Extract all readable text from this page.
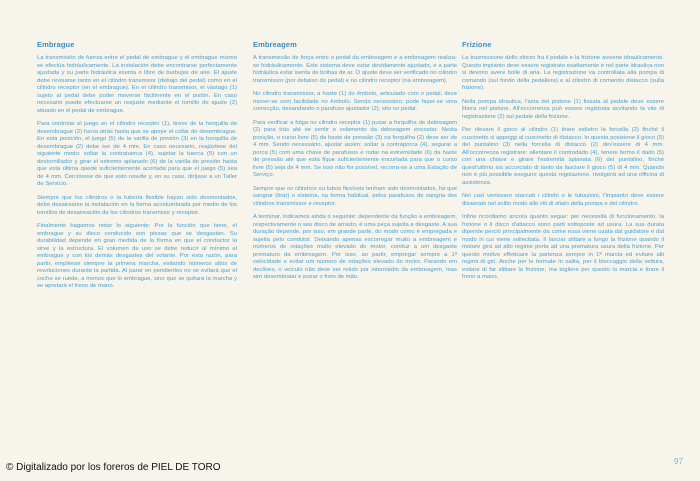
Embrague

La transmisión de fuerza entre el pedal de embrague y el embrague mismo se efectúa hidráulicamente. La instalación debe encontrarse perfectamente ajustada y su parte hidráulica exenta o libre de burbujas de aire. El ajuste debe revisarse tanto en el cilindro transmisor (debajo del pedal) como en el cilindro receptor (en el embrague). En el cilindro transmisor, el vástago (1) sujeto al pedal debe poder moverse fácilmente en el pistón. En caso necesario puede efectuarse un reajuste mediante el tornillo de ajuste (2) situado en el pedal de embrague.

Para controlar el juego en el cilindro receptor (1), tirese de la horquilla de desembrague (2) hacia atrás hasta que se apoye el collar de desembrague. En esta posición, el juego (5) de la varilla de presión (3) en la horquilla de desembrague (2) debe ser de 4 mm. En caso necesario, reajústese del siguiente modo: soltar la contratuerca (4), sujetar la tuerca (5) con un destornillador y girar el extremo aplanado (6) de la varilla de presión hasta que esta última quede suficientemente acortada para que el juego (5) sea de 4 mm. Cerciórese de que esto resulte y, en su caso, diríjase a un Taller de Servicio.

Siempre que los cilindros o la tubería flexible hayan sido desmontados, debe desairearse la instalación en la forma acostumbrada por medio de los tornillos de desaireación de los cilindros transmisor y receptor.

Finalmente hagamos notar lo siguiente: Por la función que tiene, el embrague y su disco conducido son piezas que se desgastan. Su durabilidad depende en gran medida de la forma en que el conductor la sirve y la estructura. El volumen de uso se debe reducir al mínimo el embrague y con los demás desgastes del volante. Por esta razón, para partir, empléese siempre la primera marcha, evitando números altos de revoluciones durante la partida. Al parar en pendientes no se evitará que el coche se ruede, a menos que lo embrague, sino que se quitará la marcha y se apretará el freno de mano.

Embreagem

A transmissão de força entre o pedal da embreagem e a embreagem realiza-se hidràulicamente. Este sistema deve estar devidamente ajustado, e a parte hidráulica estar isenta de bolhas de ar. O ajuste deve ser verificado no cilindro transmissor (por debaixo do pedal) e no cilindro receptor (na embreagem).

No cilindro transmissor, a haste (1) do êmbolo, articulado com o pedal, deve mover-se com facilidade no êmbolo. Sendo necessário, pode fazer-se uma correcção, desandando o parafuso ajustador (2), sito no pedal.

Para verificar a folga no cilindro receptor (1) puxar a forquilha de debreagem (2) para trás até se sentir o volamento da debreagem encostar. Nesta posição, o curso livre (5) da haste de pressão (3) na forquilha (2) deve ser de 4 mm. Sendo necessário, ajustar assim: soltar a contraporca (4), segurar a porca (5) com uma chave de parafusos e rodar na extremidade (6) da haste de pressão até que esta fique suficientemente encurtada para que o curso livre (5) seja de 4 mm. Se isso não for possível, recorra-se a uma Estação de Serviço.

Sempre que os cilindros ou tubos flexíveis tenham sido desmontados, há que sangrar (tirar) o sistema, na forma habitual, pelos parafusos de sangria dos cilindros transmissor e receptor.

A terminar, indicamos ainda o seguinte: dependente da função a embreagem, respectivamente o seu disco de arrasto, é uma peça sujeita a desgaste. A sua duração depende, por isso, em grande parte, do modo como é empregada e sujeita pelo condutor. Deixando apenas escorregar muito a embreagem e números de rotações muito elevado do motor, conduz a um desgaste prematuro da embreagem. Por isso, ao partir, empregar sempre a 1ª velocidade e evitar um número de rotações elevado do motor. Parando em declives, o veículo não deve ser retido por intermédio da embreagem, mas sim desembraiar e puxar o freio de mão.

Frizione

La trasmissione dello sforzo fra il pedale e la frizione avviene idraulicamente. Questo impianto deve essere registrato esattamente e nel parte idraulica non si devono avere bolle di aria. La registrazione va controllata alla pompa di comando (sul fondo della pedaliera) e al cilindro di comando distacco (sulla frizione).

Nella pompa idraulica, l'asta del pistone (1) fissata al pedale deve essere libera nel pistone. All'occorrenza può essere registrata avvitando la vite di registrazione (2) sul pedale della frizione.

Per rilevare il gioco al cilindro (1) tirare indietro la forcella (2) finché il cuscinetto si appoggi al cuscinetto di distacco. In questa posizione il gioco (5) del puntalino (3) nella forcella di distacco (2) dev'essere di 4 mm. All'occorrenza registrare: allentare il controdado (4), tenere fermo il dado (5) con una chiave e girare l'estremità spianata (6) del puntalino, finché quest'ultimo sia accorciato di tanto da lasciare il gioco (5) di 4 mm. Quando non è più possibile eseguire questa regolazione, rivolgersi ad una officina di assistenza.

Nei casi venissero staccati i cilindri o le tubazioni, l'impianto deve essere disaerato nel solito modo alle viti di sfiato della pompa e del cilindro.

Infine ricordiamo ancora quanto segue: per necessità di funzionamento, la frizione o il disco d'attacco sono parti sottoposte ad usura. La sua durata dipende perciò principalmente da come essa viene usata dal guidatore e dal modo in cui viene sollecitata. Il lasciar slittare a lungo la frizione quando il motore gira ad alto regime porta ad una prematura usura della frizione. Per questo motivo effettuare la partenza sempre in 1ª marcia ed evitare alti regimi di giri. Anche per le fermate in salita, per il bloccaggio della vettura, evitare di far slittare la frizione, ma togliere per questo la marcia e tirare il freno a mano.

97
© Digitalizado por los foreros de PIEL DE TORO
